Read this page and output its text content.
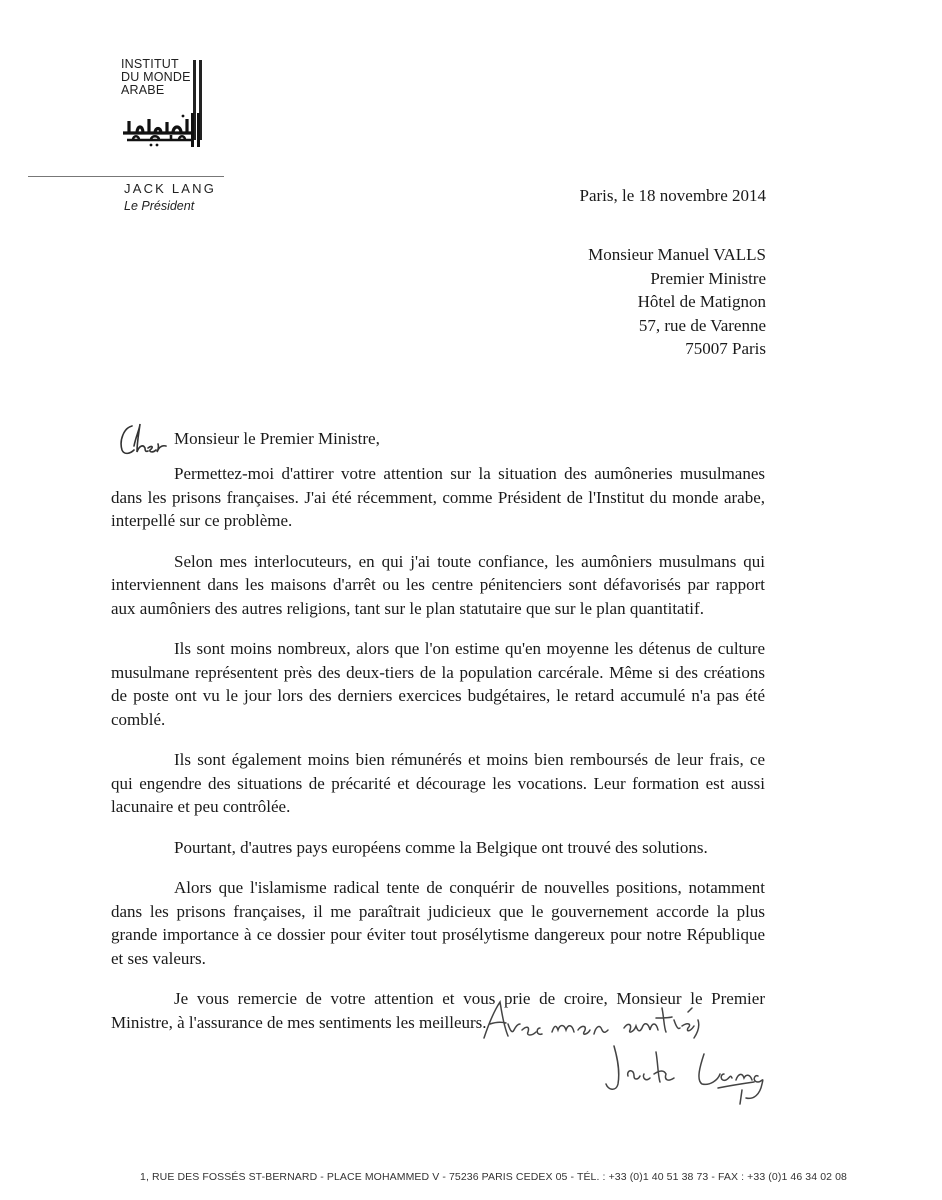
INSTITUT
DU MONDE
ARABE
JACK LANG
Le Président
Paris, le 18 novembre 2014
Monsieur Manuel VALLS
Premier Ministre
Hôtel de Matignon
57, rue de Varenne
75007 Paris
Monsieur le Premier Ministre,

Permettez-moi d'attirer votre attention sur la situation des aumôneries musulmanes dans les prisons françaises. J'ai été récemment, comme Président de l'Institut du monde arabe, interpellé sur ce problème.

Selon mes interlocuteurs, en qui j'ai toute confiance, les aumôniers musulmans qui interviennent dans les maisons d'arrêt ou les centre pénitenciers sont défavorisés par rapport aux aumôniers des autres religions, tant sur le plan statutaire que sur le plan quantitatif.

Ils sont moins nombreux, alors que l'on estime qu'en moyenne les détenus de culture musulmane représentent près des deux-tiers de la population carcérale. Même si des créations de poste ont vu le jour lors des derniers exercices budgétaires, le retard accumulé n'a pas été comblé.

Ils sont également moins bien rémunérés et moins bien remboursés de leur frais, ce qui engendre des situations de précarité et décourage les vocations. Leur formation est aussi lacunaire et peu contrôlée.

Pourtant, d'autres pays européens comme la Belgique ont trouvé des solutions.

Alors que l'islamisme radical tente de conquérir de nouvelles positions, notamment dans les prisons françaises, il me paraîtrait judicieux que le gouvernement accorde la plus grande importance à ce dossier pour éviter tout prosélytisme dangereux pour notre République et ses valeurs.

Je vous remercie de votre attention et vous prie de croire, Monsieur le Premier Ministre, à l'assurance de mes sentiments les meilleurs.

1, RUE DES FOSSÉS ST-BERNARD - PLACE MOHAMMED V - 75236 PARIS CEDEX 05 - TÉL. : +33 (0)1 40 51 38 73 - FAX : +33 (0)1 46 34 02 08
